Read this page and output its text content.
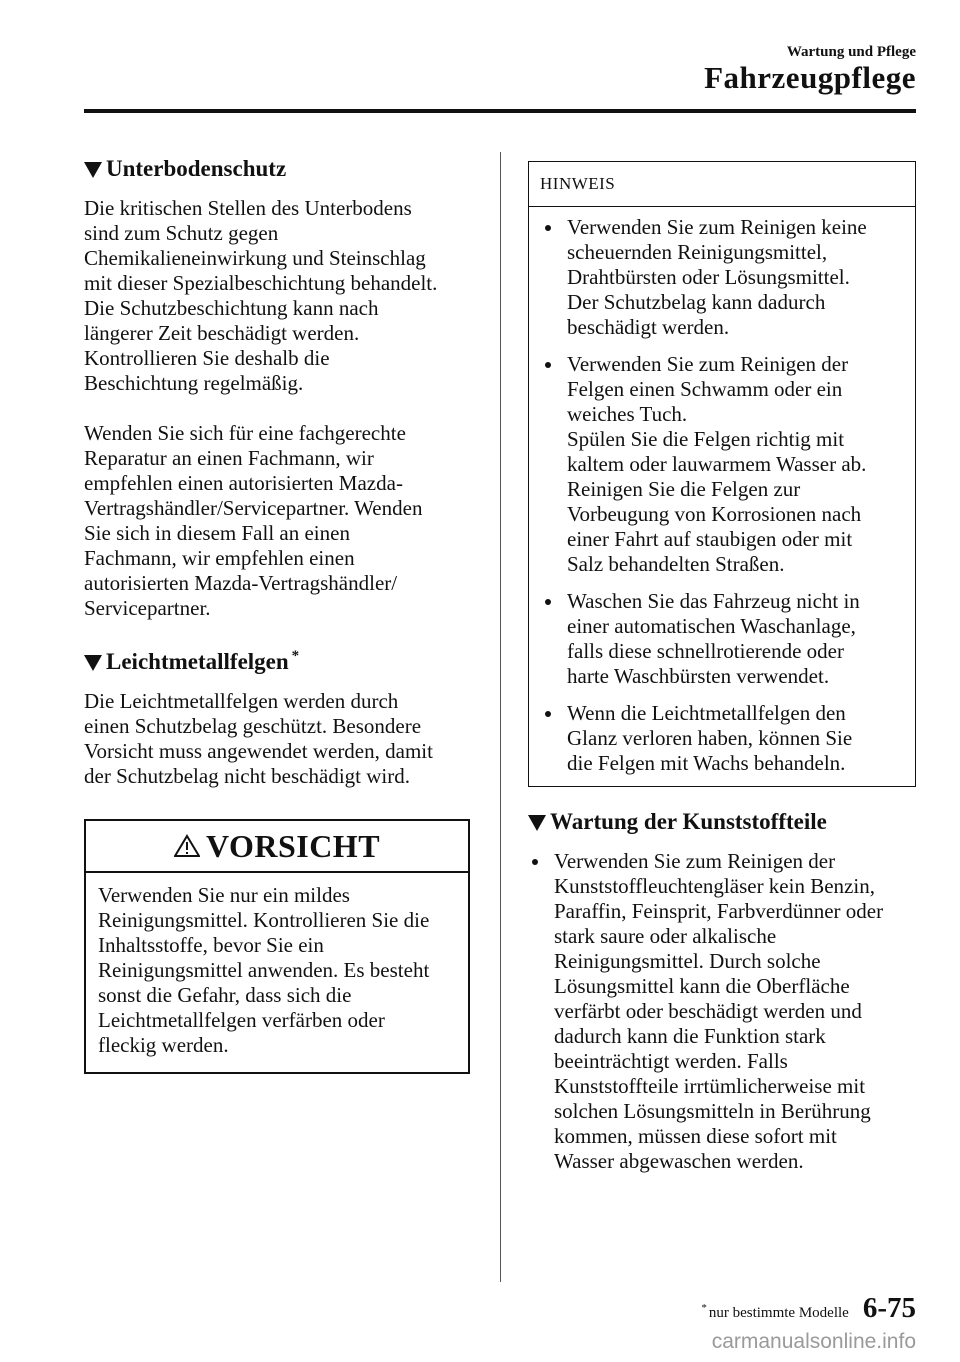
Wartung und Pflege
Fahrzeugpflege
Unterbodenschutz
Die kritischen Stellen des Unterbodens
sind zum Schutz gegen
Chemikalieneinwirkung und Steinschlag
mit dieser Spezialbeschichtung behandelt.
Die Schutzbeschichtung kann nach
längerer Zeit beschädigt werden.
Kontrollieren Sie deshalb die
Beschichtung regelmäßig.
Wenden Sie sich für eine fachgerechte
Reparatur an einen Fachmann, wir
empfehlen einen autorisierten Mazda-
Vertragshändler/Servicepartner. Wenden
Sie sich in diesem Fall an einen
Fachmann, wir empfehlen einen
autorisierten Mazda-Vertragshändler/
Servicepartner.
Leichtmetallfelgen*
Die Leichtmetallfelgen werden durch
einen Schutzbelag geschützt. Besondere
Vorsicht muss angewendet werden, damit
der Schutzbelag nicht beschädigt wird.
VORSICHT
Verwenden Sie nur ein mildes
Reinigungsmittel. Kontrollieren Sie die
Inhaltsstoffe, bevor Sie ein
Reinigungsmittel anwenden. Es besteht
sonst die Gefahr, dass sich die
Leichtmetallfelgen verfärben oder
fleckig werden.
HINWEIS
Verwenden Sie zum Reinigen keine
scheuernden Reinigungsmittel,
Drahtbürsten oder Lösungsmittel.
Der Schutzbelag kann dadurch
beschädigt werden.
Verwenden Sie zum Reinigen der
Felgen einen Schwamm oder ein
weiches Tuch.
Spülen Sie die Felgen richtig mit
kaltem oder lauwarmem Wasser ab.
Reinigen Sie die Felgen zur
Vorbeugung von Korrosionen nach
einer Fahrt auf staubigen oder mit
Salz behandelten Straßen.
Waschen Sie das Fahrzeug nicht in
einer automatischen Waschanlage,
falls diese schnellrotierende oder
harte Waschbürsten verwendet.
Wenn die Leichtmetallfelgen den
Glanz verloren haben, können Sie
die Felgen mit Wachs behandeln.
Wartung der Kunststoffteile
Verwenden Sie zum Reinigen der
Kunststoffleuchtengläser kein Benzin,
Paraffin, Feinsprit, Farbverdünner oder
stark saure oder alkalische
Reinigungsmittel. Durch solche
Lösungsmittel kann die Oberfläche
verfärbt oder beschädigt werden und
dadurch kann die Funktion stark
beeinträchtigt werden. Falls
Kunststoffteile irrtümlicherweise mit
solchen Lösungsmitteln in Berührung
kommen, müssen diese sofort mit
Wasser abgewaschen werden.
* nur bestimmte Modelle 6-75
carmanualsonline.info
